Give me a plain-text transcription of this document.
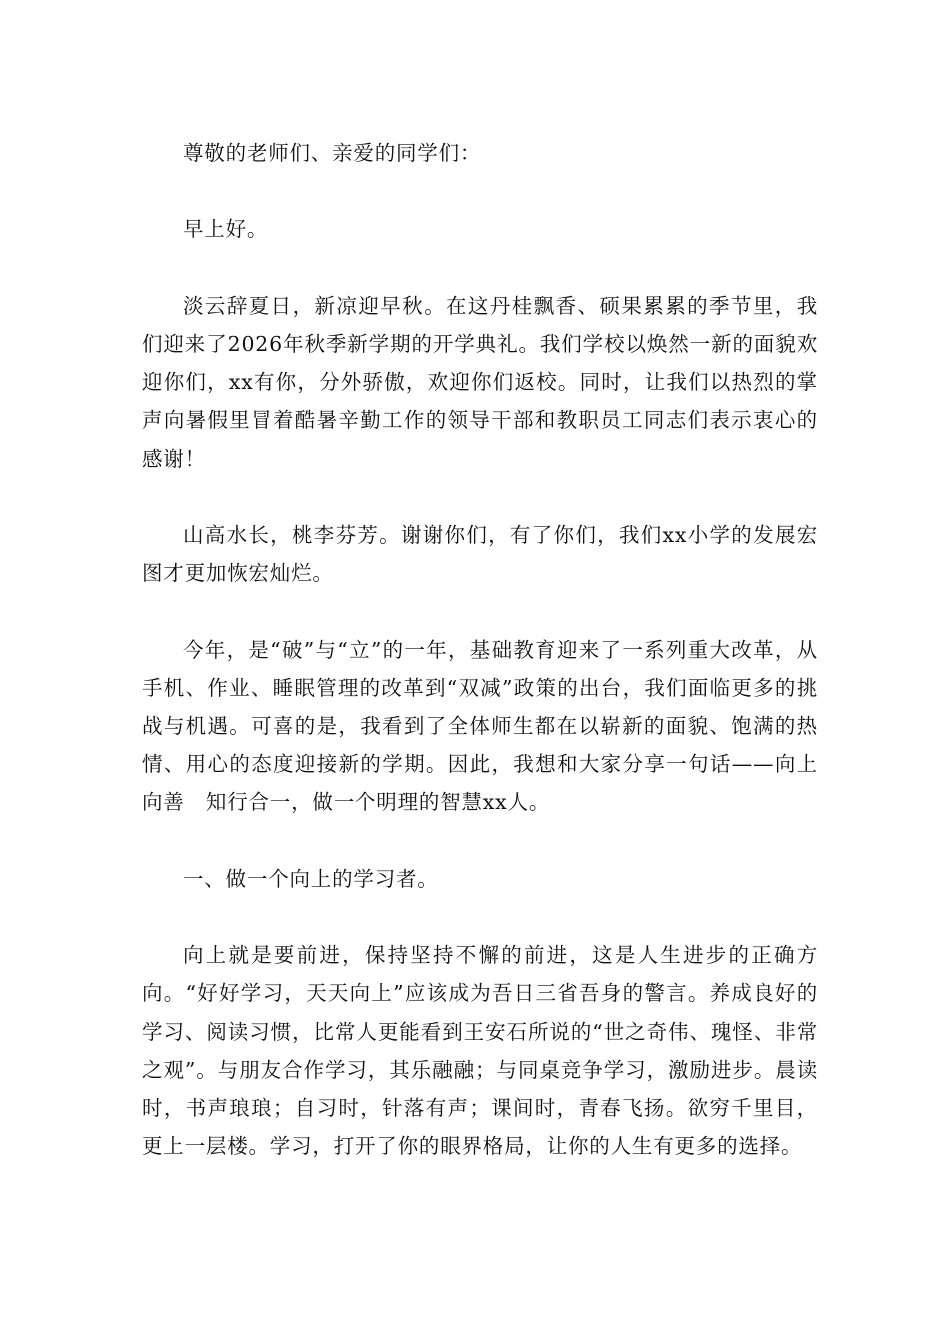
尊敬的老师们、亲爱的同学们：

早上好。

淡云辞夏日，新凉迎早秋。在这丹桂飘香、硕果累累的季节里，我们迎来了2026年秋季新学期的开学典礼。我们学校以焕然一新的面貌欢迎你们，xx有你，分外骄傲，欢迎你们返校。同时，让我们以热烈的掌声向暑假里冒着酷暑辛勤工作的领导干部和教职员工同志们表示衷心的感谢！

山高水长，桃李芬芳。谢谢你们，有了你们，我们xx小学的发展宏图才更加恢宏灿烂。

今年，是“破”与“立”的一年，基础教育迎来了一系列重大改革，从手机、作业、睡眠管理的改革到“双减”政策的出台，我们面临更多的挑战与机遇。可喜的是，我看到了全体师生都在以崭新的面貌、饱满的热情、用心的态度迎接新的学期。因此，我想和大家分享一句话——向上向善　知行合一，做一个明理的智慧xx人。

一、做一个向上的学习者。

向上就是要前进，保持坚持不懈的前进，这是人生进步的正确方向。“好好学习，天天向上”应该成为吾日三省吾身的警言。养成良好的学习、阅读习惯，比常人更能看到王安石所说的“世之奇伟、瑰怪、非常之观”。与朋友合作学习，其乐融融；与同桌竞争学习，激励进步。晨读时，书声琅琅；自习时，针落有声；课间时，青春飞扬。欲穷千里目，更上一层楼。学习，打开了你的眼界格局，让你的人生有更多的选择。
